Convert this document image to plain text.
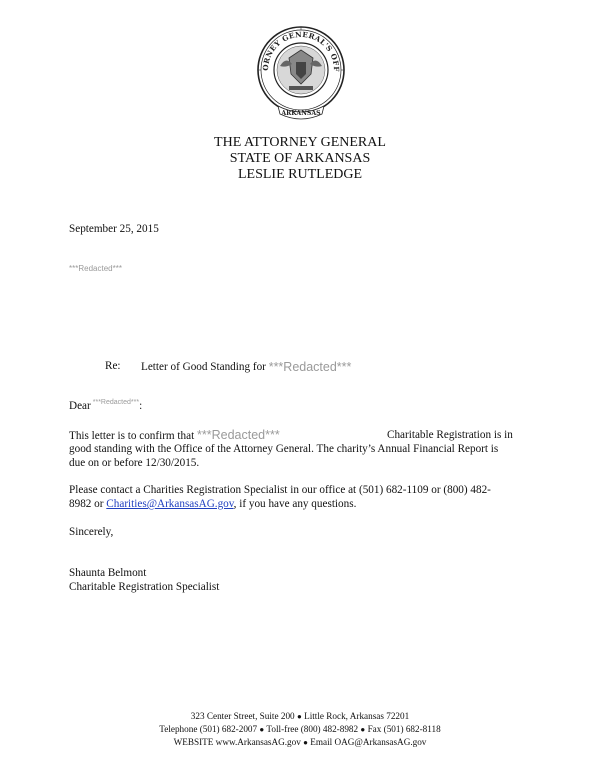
ORNEY GENERAL'S OFF
ARKANSAS
THE ATTORNEY GENERAL
STATE OF ARKANSAS
LESLIE RUTLEDGE
September 25, 2015
***Redacted***
Re: Letter of Good Standing for ***Redacted***
Dear $^{***Redacted***}$:
This letter is to confirm that ***Redacted***	Charitable Registration is in
good standing with the Office of the Attorney General. The charity’s Annual Financial Report is
due on or before 12/30/2015.
Please contact a Charities Registration Specialist in our office at (501) 682-1109 or (800) 482-
8982 or Charities@ArkansasAG.gov, if you have any questions.
Sincerely,
Shaunta Belmont
Charitable Registration Specialist
323 Center Street, Suite 200 ● Little Rock, Arkansas 72201
Telephone (501) 682-2007 ● Toll-free (800) 482-8982 ● Fax (501) 682-8118
WEBSITE www.ArkansasAG.gov ● Email OAG@ArkansasAG.gov
